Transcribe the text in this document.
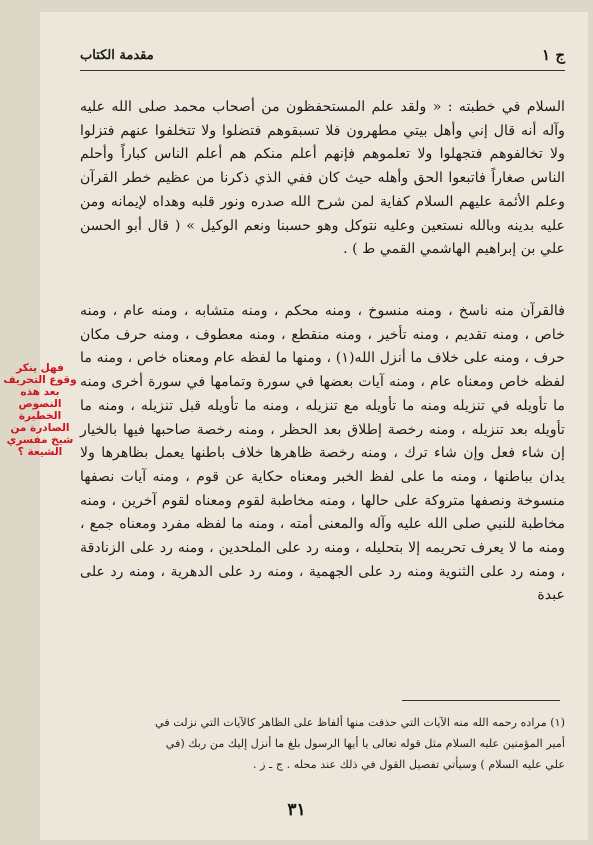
ج ١
مقدمة الكتاب
السلام في خطبته : « ولقد علم المستحفظون من أصحاب محمد صلى الله عليه وآله أنه قال إني وأهل بيتي مطهرون فلا تسبقوهم فتضلوا ولا تتخلفوا عنهم فتزلوا ولا تخالفوهم فتجهلوا ولا تعلموهم فإنهم أعلم منكم هم أعلم الناس كباراً وأحلم الناس صغاراً فاتبعوا الحق وأهله حيث كان ففي الذي ذكرنا من عظيم خطر القرآن وعلم الأئمة عليهم السلام كفاية لمن شرح الله صدره ونور قلبه وهداه لإيمانه ومن عليه بدينه وبالله نستعين وعليه نتوكل وهو حسبنا ونعم الوكيل » ( قال أبو الحسن علي بن إبراهيم الهاشمي القمي ط ) .
فالقرآن منه ناسخ ، ومنه منسوخ ، ومنه محكم ، ومنه متشابه ، ومنه عام ، ومنه خاص ، ومنه تقديم ، ومنه تأخير ، ومنه منقطع ، ومنه معطوف ، ومنه حرف مكان حرف ، ومنه على خلاف ما أنزل الله(١) ، ومنها ما لفظه عام ومعناه خاص ، ومنه ما لفظه خاص ومعناه عام ، ومنه آيات بعضها في سورة وتمامها في سورة أخرى ومنه ما تأويله في تنزيله ومنه ما تأويله مع تنزيله ، ومنه ما تأويله قبل تنزيله ، ومنه ما تأويله بعد تنزيله ، ومنه رخصة إطلاق بعد الحظر ، ومنه رخصة صاحبها فيها بالخيار إن شاء فعل وإن شاء ترك ، ومنه رخصة ظاهرها خلاف باطنها يعمل بظاهرها ولا يدان بباطنها ، ومنه ما على لفظ الخبر ومعناه حكاية عن قوم ، ومنه آيات نصفها منسوخة ونصفها متروكة على حالها ، ومنه مخاطبة لقوم ومعناه لقوم آخرين ، ومنه مخاطبة للنبي صلى الله عليه وآله والمعنى أمته ، ومنه ما لفظه مفرد ومعناه جمع ، ومنه ما لا يعرف تحريمه إلا بتحليله ، ومنه رد على الملحدين ، ومنه رد على الزنادقة ، ومنه رد على الثنوية ومنه رد على الجهمية ، ومنه رد على الدهرية ، ومنه رد على عبدة
فهل ينكر وقوع التحريف بعد هذه النصوص الخطيرة الصادرة من شيخ مفسري الشيعة ؟
(١) مراده رحمه الله منه الآيات التي حذفت منها ألفاظ على الظاهر كالآيات التي نزلت في
أمير المؤمنين عليه السلام مثل قوله تعالى يا أيها الرسول بلغ ما أنزل إليك من ربك (في
علي عليه السلام ) وسيأتي تفصيل القول في ذلك عند محله . ج ـ ز .
٣١
